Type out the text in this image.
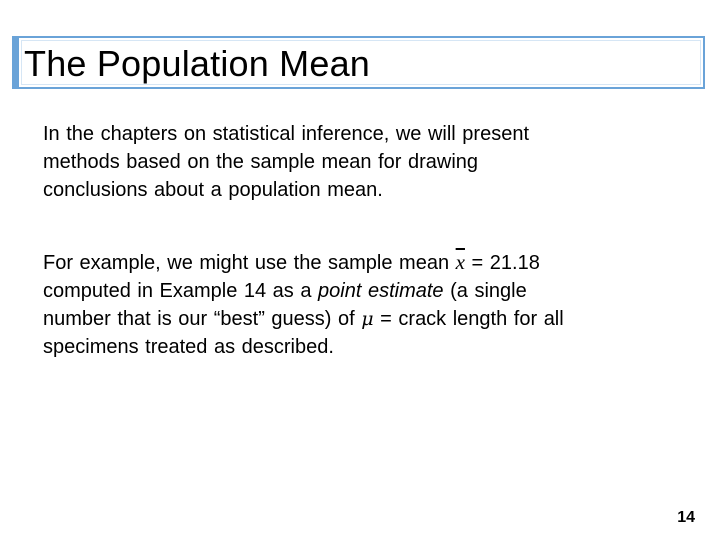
The Population Mean
In the chapters on statistical inference, we will present
methods based on the sample mean for drawing
conclusions about a population mean.
For example, we might use the sample mean $\overline{x} = 21.18$
computed in Example 14 as a point estimate (a single
number that is our “best” guess) of μ = crack length for all
specimens treated as described.
14
